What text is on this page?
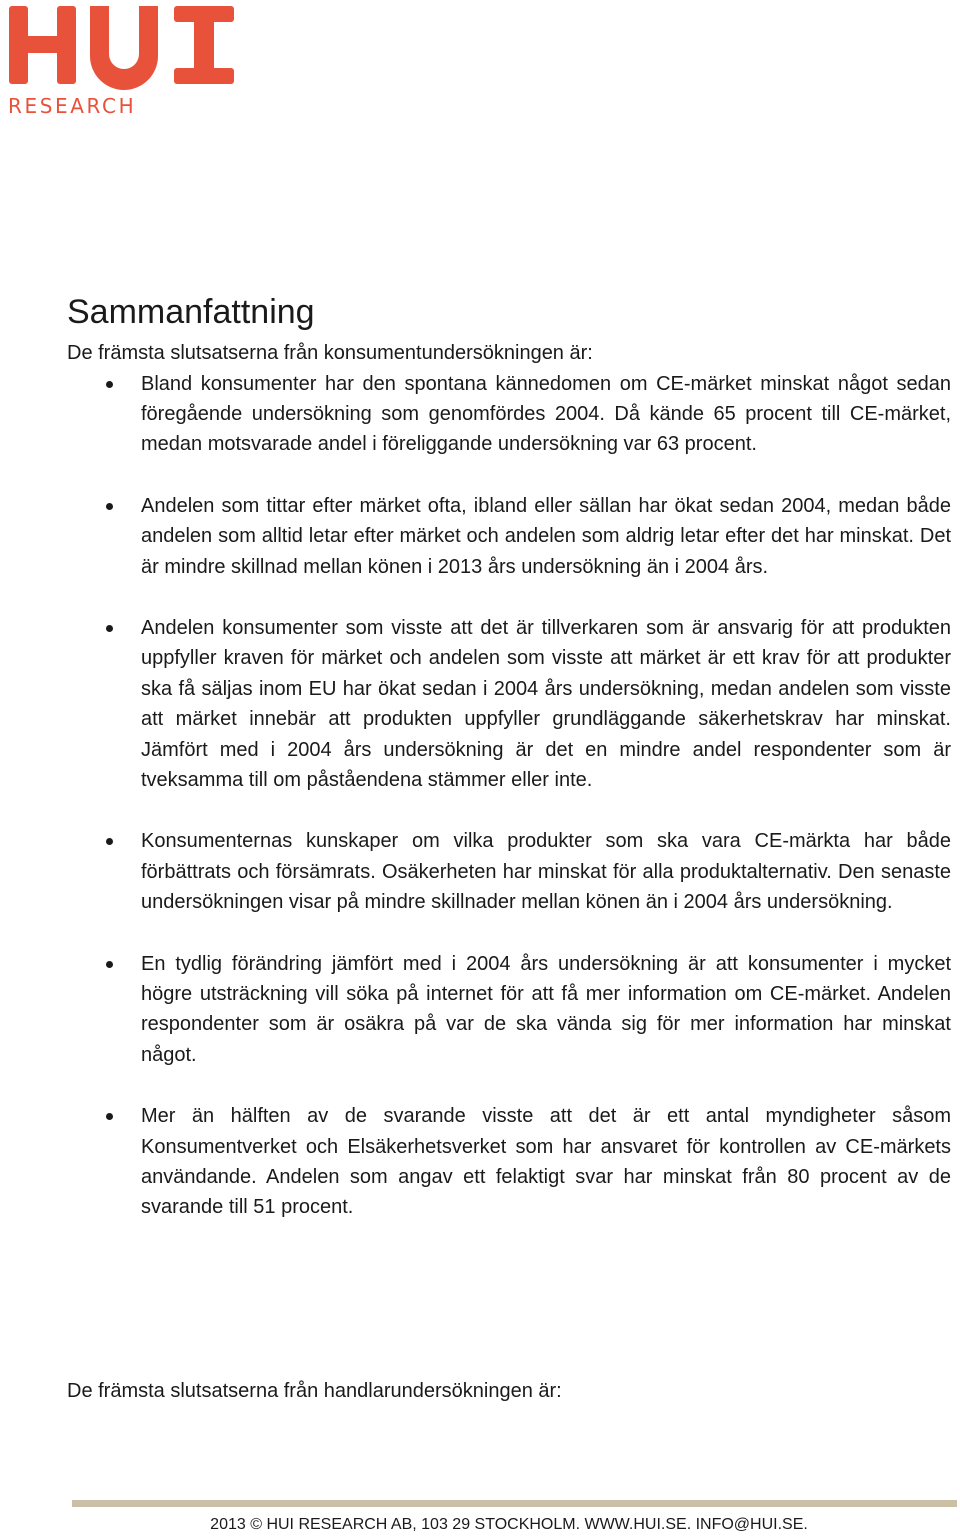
RESEARCH
Sammanfattning

De främsta slutsatserna från konsumentundersökningen är:

Bland konsumenter har den spontana kännedomen om CE-märket minskat något sedan föregående undersökning som genomfördes 2004. Då kände 65 procent till CE-märket, medan motsvarade andel i föreliggande undersökning var 63 procent.
Andelen som tittar efter märket ofta, ibland eller sällan har ökat sedan 2004, medan både andelen som alltid letar efter märket och andelen som aldrig letar efter det har minskat. Det är mindre skillnad mellan könen i 2013 års undersökning än i 2004 års.
Andelen konsumenter som visste att det är tillverkaren som är ansvarig för att produkten uppfyller kraven för märket och andelen som visste att märket är ett krav för att produkter ska få säljas inom EU har ökat sedan i 2004 års undersökning, medan andelen som visste att märket innebär att produkten uppfyller grundläggande säkerhetskrav har minskat. Jämfört med i 2004 års undersökning är det en mindre andel respondenter som är tveksamma till om påståendena stämmer eller inte.
Konsumenternas kunskaper om vilka produkter som ska vara CE-märkta har både förbättrats och försämrats. Osäkerheten har minskat för alla produktalternativ. Den senaste undersökningen visar på mindre skillnader mellan könen än i 2004 års undersökning.
En tydlig förändring jämfört med i 2004 års undersökning är att konsumenter i mycket högre utsträckning vill söka på internet för att få mer information om CE-märket. Andelen respondenter som är osäkra på var de ska vända sig för mer information har minskat något.
Mer än hälften av de svarande visste att det är ett antal myndigheter såsom Konsumentverket och Elsäkerhetsverket som har ansvaret för kontrollen av CE-märkets användande. Andelen som angav ett felaktigt svar har minskat från 80 procent av de svarande till 51 procent.

De främsta slutsatserna från handlarundersökningen är:

2013 © HUI RESEARCH AB, 103 29 STOCKHOLM. WWW.HUI.SE. INFO@HUI.SE.
